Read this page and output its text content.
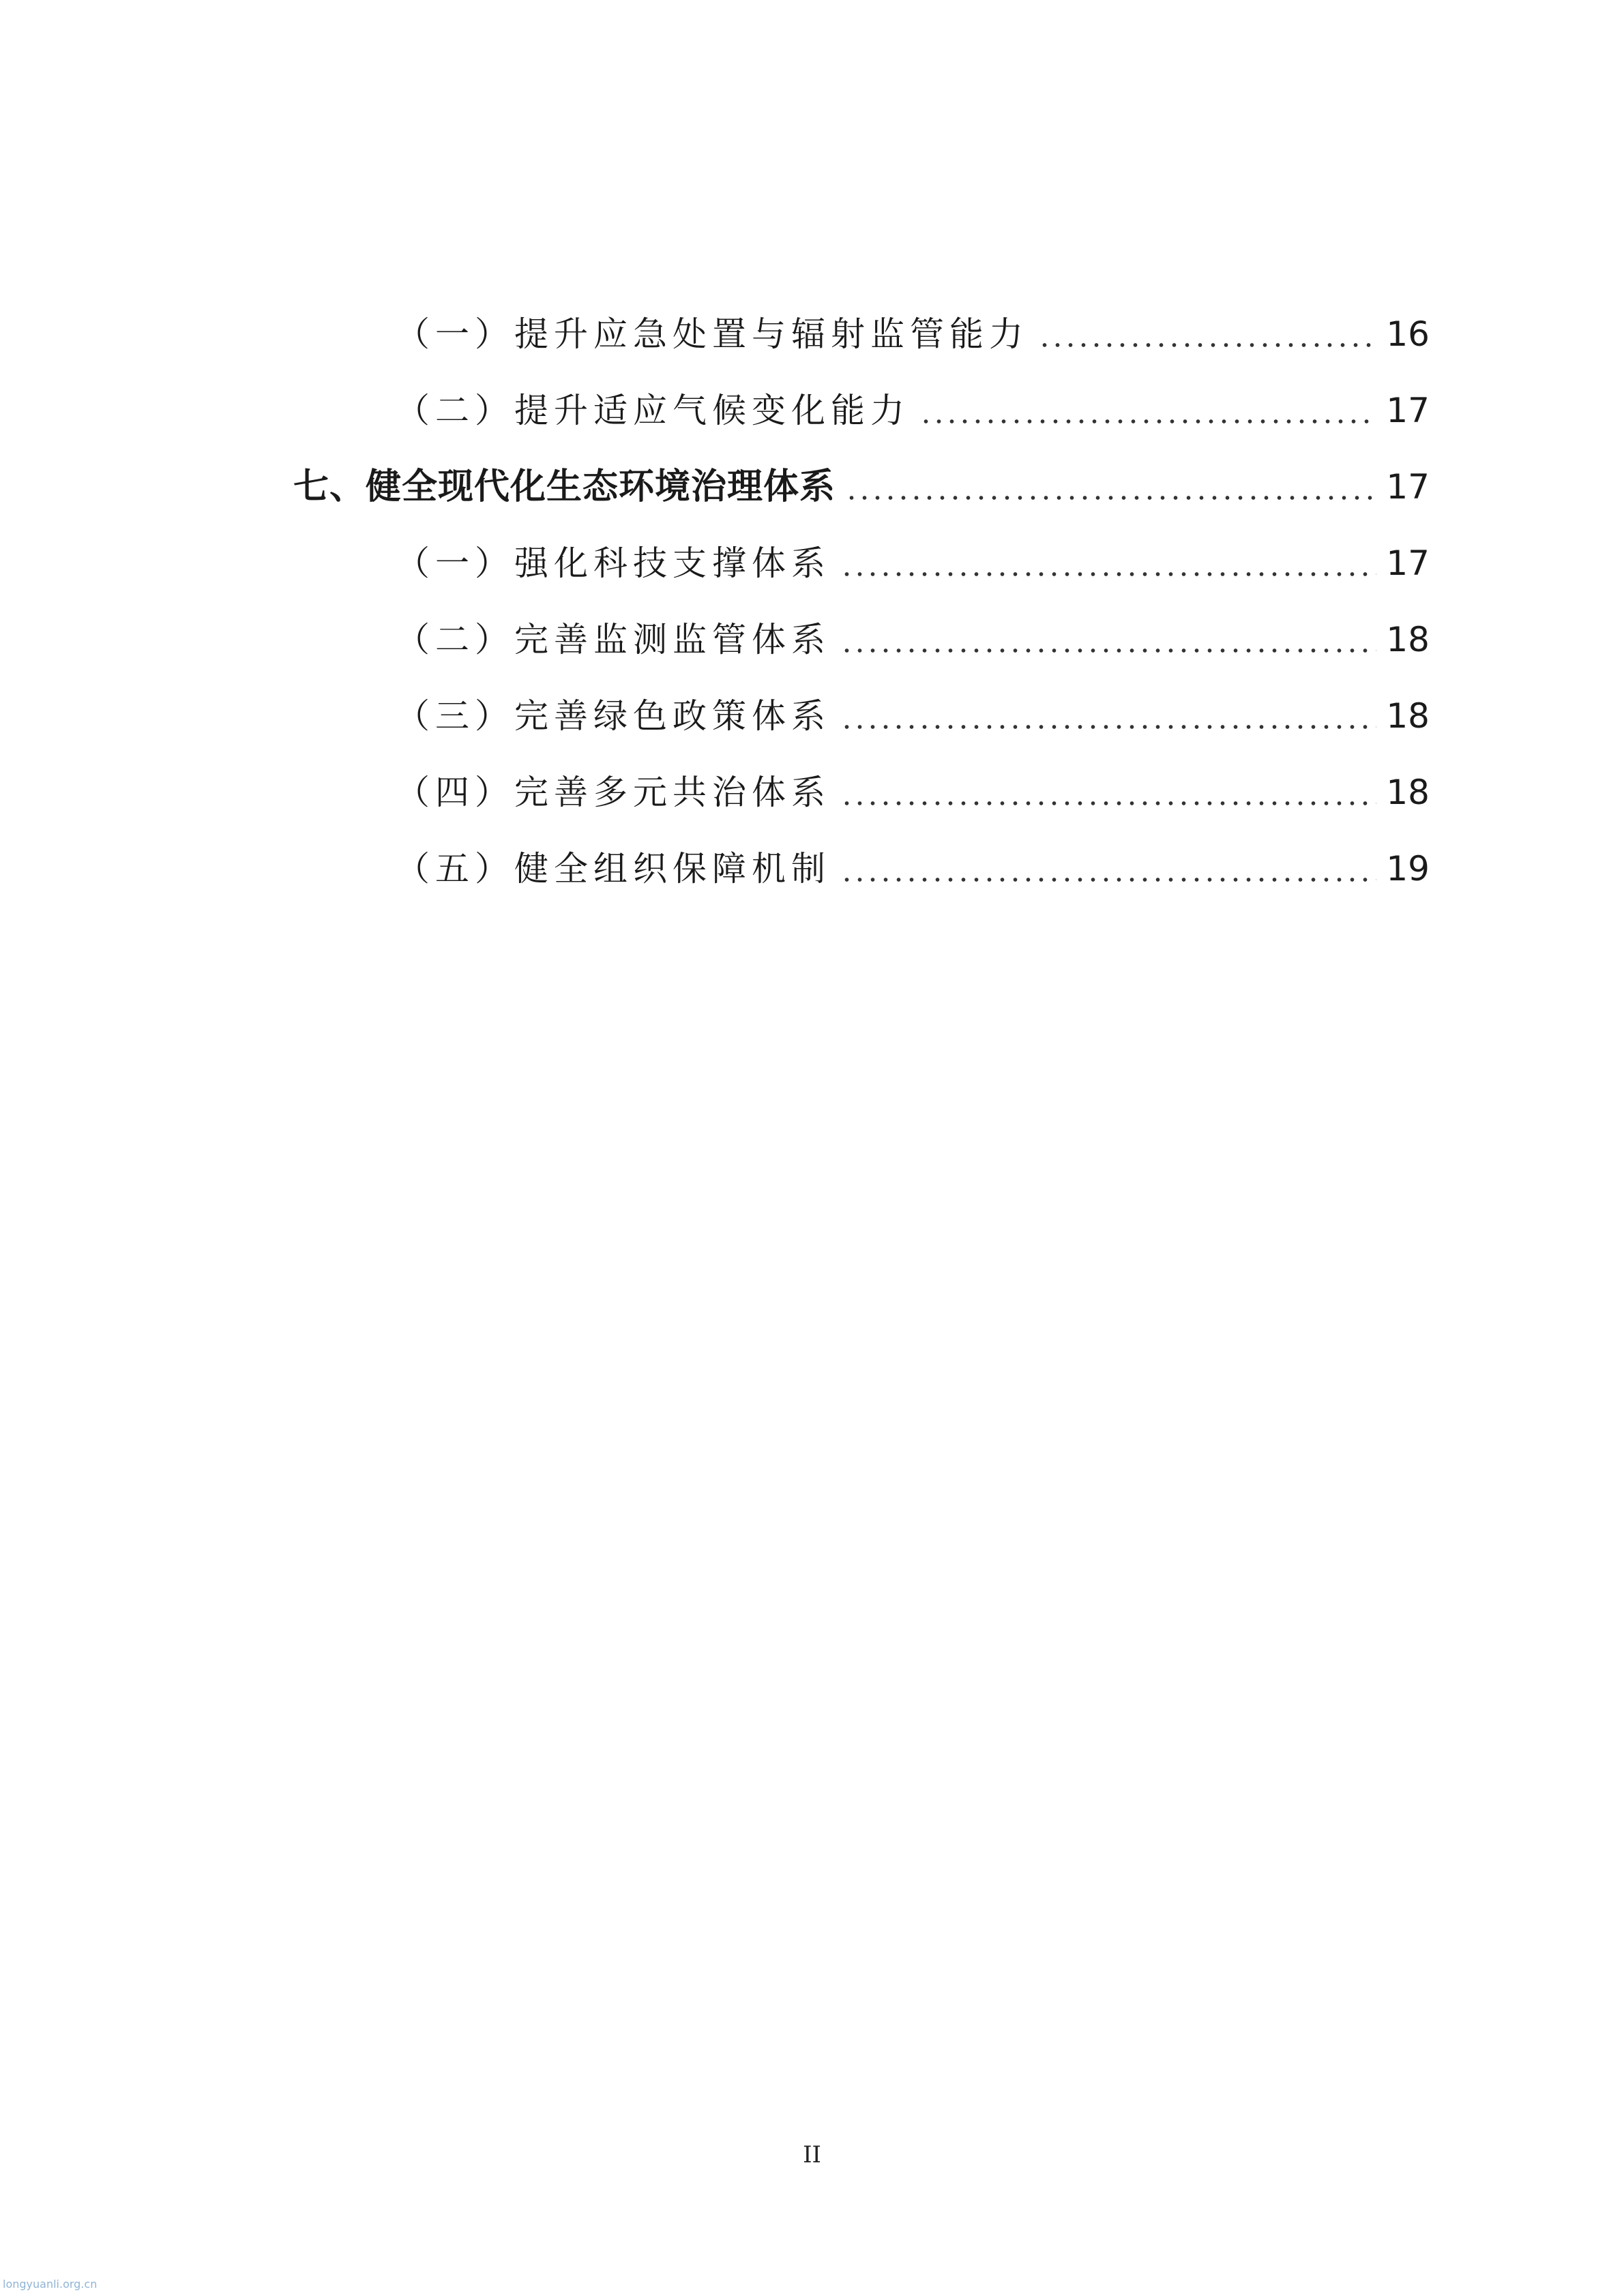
（一）提升应急处置与辐射监管能力	16
（二）提升适应气候变化能力	17
七、健全现代化生态环境治理体系	17
（一）强化科技支撑体系	17
（二）完善监测监管体系	18
（三）完善绿色政策体系	18
（四）完善多元共治体系	18
（五）健全组织保障机制	19
II
longyuanli.org.cn
